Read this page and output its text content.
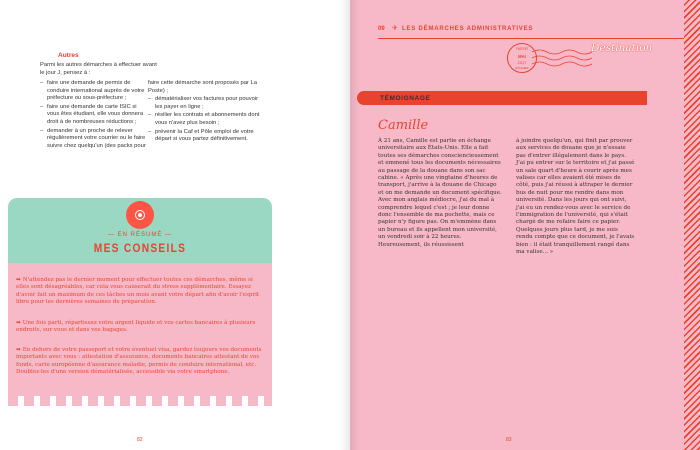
Autres
Parmi les autres démarches à effectuer avant le jour J, pensez à :
– faire une demande de permis de conduire international auprès de votre préfecture ou sous-préfecture ;
– faire une demande de carte ISIC si vous êtes étudiant, elle vous donnera droit à de nombreuses réductions ;
– demander à un proche de relever régulièrement votre courrier ou le faire suivre chez quelqu'un (des packs pour
faire cette démarche sont proposés par La Poste) ;
– dématérialiser vos factures pour pouvoir les payer en ligne ;
– résilier les contrats et abonnements dont vous n'avez plus besoin ;
– prévenir la Caf et Pôle emploi de votre départ si vous partez définitivement.
— EN RÉSUMÉ —
MES CONSEILS
➡ N'attendez pas le dernier moment pour effectuer toutes ces démarches, même si elles sont désagréables, car cela vous causerait du stress supplémentaire. Essayez d'avoir fait un maximum de ces tâches un mois avant votre départ afin d'avoir l'esprit libre pour les dernières semaines de préparation.
➡ Une fois parti, répartissez votre argent liquide et vos cartes bancaires à plusieurs endroits, sur vous et dans vos bagages.
➡ En dehors de votre passeport et votre éventuel visa, gardez toujours vos documents importants avec vous : attestation d'assurance, documents bancaires attestant de vos fonds, carte européenne d'assurance maladie, permis de conduire international, etc. Doublez-les d'une version dématérialisée, accessible via votre smartphone.
82
09 ✈ LES DÉMARCHES ADMINISTRATIVES
PARTIR
MAI
2017
ÉTUDIER
Destination
TÉMOIGNAGE
Camille
À 21 ans, Camille est partie en échange universitaire aux États-Unis. Elle a fait toutes ses démarches consciencieusement et emmené tous les documents nécessaires au passage de la douane dans son sac cabine. « Après une vingtaine d'heures de transport, j'arrive à la douane de Chicago et on me demande un document spécifique. Avec mon anglais médiocre, j'ai du mal à comprendre lequel c'est ; je leur donne donc l'ensemble de ma pochette, mais ce papier n'y figure pas. On m'emmène dans un bureau et ils appellent mon université, un vendredi soir à 22 heures. Heureusement, ils réussissent
à joindre quelqu'un, qui finit par prouver aux services de douane que je n'essaie pas d'entrer illégalement dans le pays. J'ai pu entrer sur le territoire et j'ai passé un sale quart d'heure à courir après mes valises car elles avaient été mises de côté, puis j'ai réussi à attraper le dernier bus de nuit pour me rendre dans mon université. Dans les jours qui ont suivi, j'ai eu un rendez-vous avec le service de l'immigration de l'université, qui s'était chargé de me refaire faire ce papier. Quelques jours plus tard, je me suis rendu compte que ce document, je l'avais bien : il était tranquillement rangé dans ma valise... »
83
